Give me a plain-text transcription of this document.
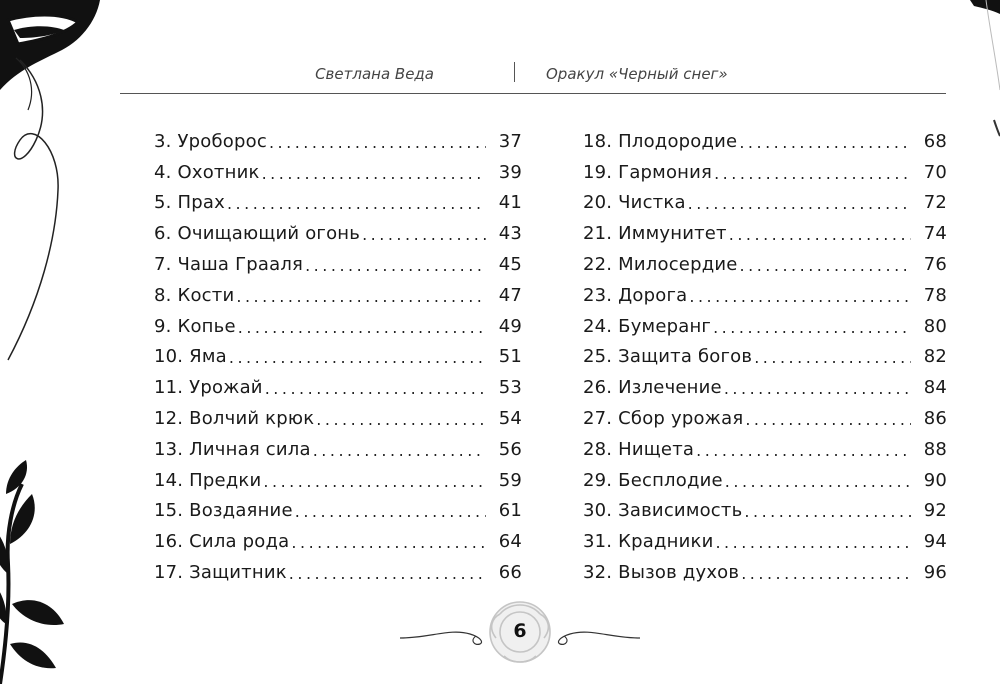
Светлана Веда	Оракул «Черный снег»
3. Уроборос .....	37
4. Охотник .....	39
5. Прах .....	41
6. Очищающий огонь .....	43
7. Чаша Грааля .....	45
8. Кости .....	47
9. Копье .....	49
10. Яма .....	51
11. Урожай .....	53
12. Волчий крюк .....	54
13. Личная сила .....	56
14. Предки .....	59
15. Воздаяние .....	61
16. Сила рода .....	64
17. Защитник .....	66
18. Плодородие .....	68
19. Гармония .....	70
20. Чистка .....	72
21. Иммунитет .....	74
22. Милосердие .....	76
23. Дорога .....	78
24. Бумеранг .....	80
25. Защита богов .....	82
26. Излечение .....	84
27. Сбор урожая .....	86
28. Нищета .....	88
29. Бесплодие .....	90
30. Зависимость .....	92
31. Крадники .....	94
32. Вызов духов .....	96
6
